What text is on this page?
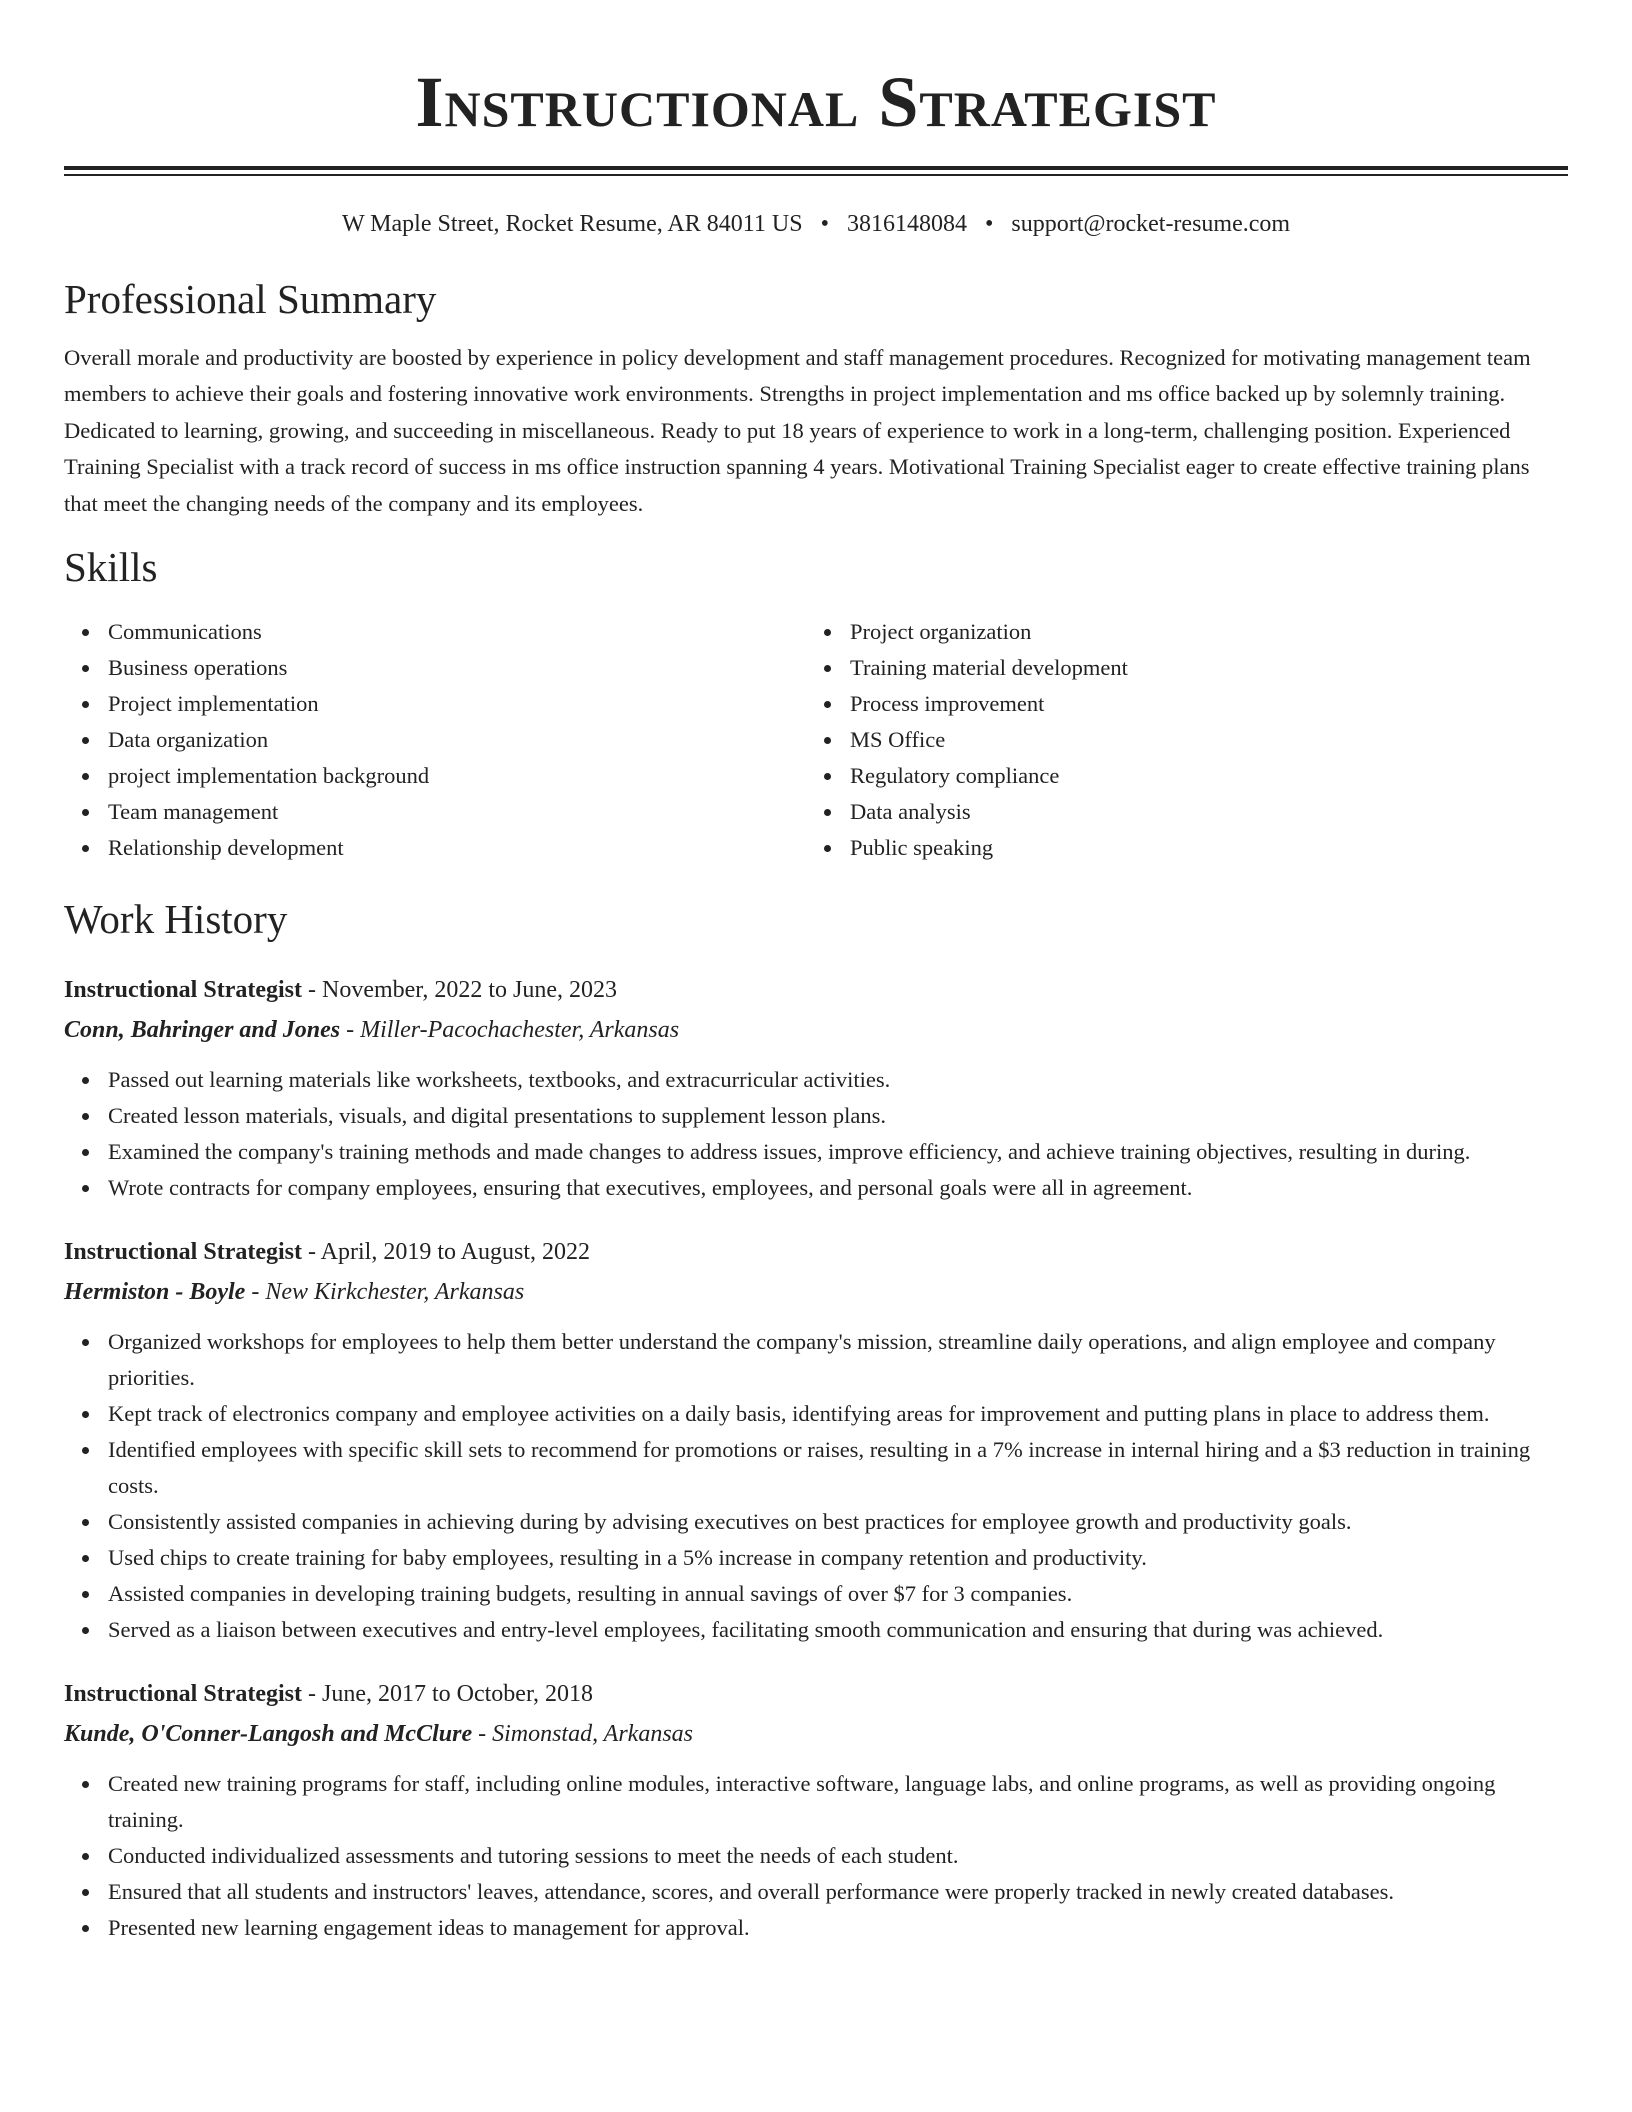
Instructional Strategist
W Maple Street, Rocket Resume, AR 84011 US • 3816148084 • support@rocket-resume.com
Professional Summary
Overall morale and productivity are boosted by experience in policy development and staff management procedures. Recognized for motivating management team members to achieve their goals and fostering innovative work environments. Strengths in project implementation and ms office backed up by solemnly training. Dedicated to learning, growing, and succeeding in miscellaneous. Ready to put 18 years of experience to work in a long-term, challenging position. Experienced Training Specialist with a track record of success in ms office instruction spanning 4 years. Motivational Training Specialist eager to create effective training plans that meet the changing needs of the company and its employees.
Skills
Communications
Business operations
Project implementation
Data organization
project implementation background
Team management
Relationship development
Project organization
Training material development
Process improvement
MS Office
Regulatory compliance
Data analysis
Public speaking
Work History
Instructional Strategist - November, 2022 to June, 2023
Conn, Bahringer and Jones - Miller-Pacochachester, Arkansas
Passed out learning materials like worksheets, textbooks, and extracurricular activities.
Created lesson materials, visuals, and digital presentations to supplement lesson plans.
Examined the company's training methods and made changes to address issues, improve efficiency, and achieve training objectives, resulting in during.
Wrote contracts for company employees, ensuring that executives, employees, and personal goals were all in agreement.
Instructional Strategist - April, 2019 to August, 2022
Hermiston - Boyle - New Kirkchester, Arkansas
Organized workshops for employees to help them better understand the company's mission, streamline daily operations, and align employee and company priorities.
Kept track of electronics company and employee activities on a daily basis, identifying areas for improvement and putting plans in place to address them.
Identified employees with specific skill sets to recommend for promotions or raises, resulting in a 7% increase in internal hiring and a $3 reduction in training costs.
Consistently assisted companies in achieving during by advising executives on best practices for employee growth and productivity goals.
Used chips to create training for baby employees, resulting in a 5% increase in company retention and productivity.
Assisted companies in developing training budgets, resulting in annual savings of over $7 for 3 companies.
Served as a liaison between executives and entry-level employees, facilitating smooth communication and ensuring that during was achieved.
Instructional Strategist - June, 2017 to October, 2018
Kunde, O'Conner-Langosh and McClure - Simonstad, Arkansas
Created new training programs for staff, including online modules, interactive software, language labs, and online programs, as well as providing ongoing training.
Conducted individualized assessments and tutoring sessions to meet the needs of each student.
Ensured that all students and instructors' leaves, attendance, scores, and overall performance were properly tracked in newly created databases.
Presented new learning engagement ideas to management for approval.
